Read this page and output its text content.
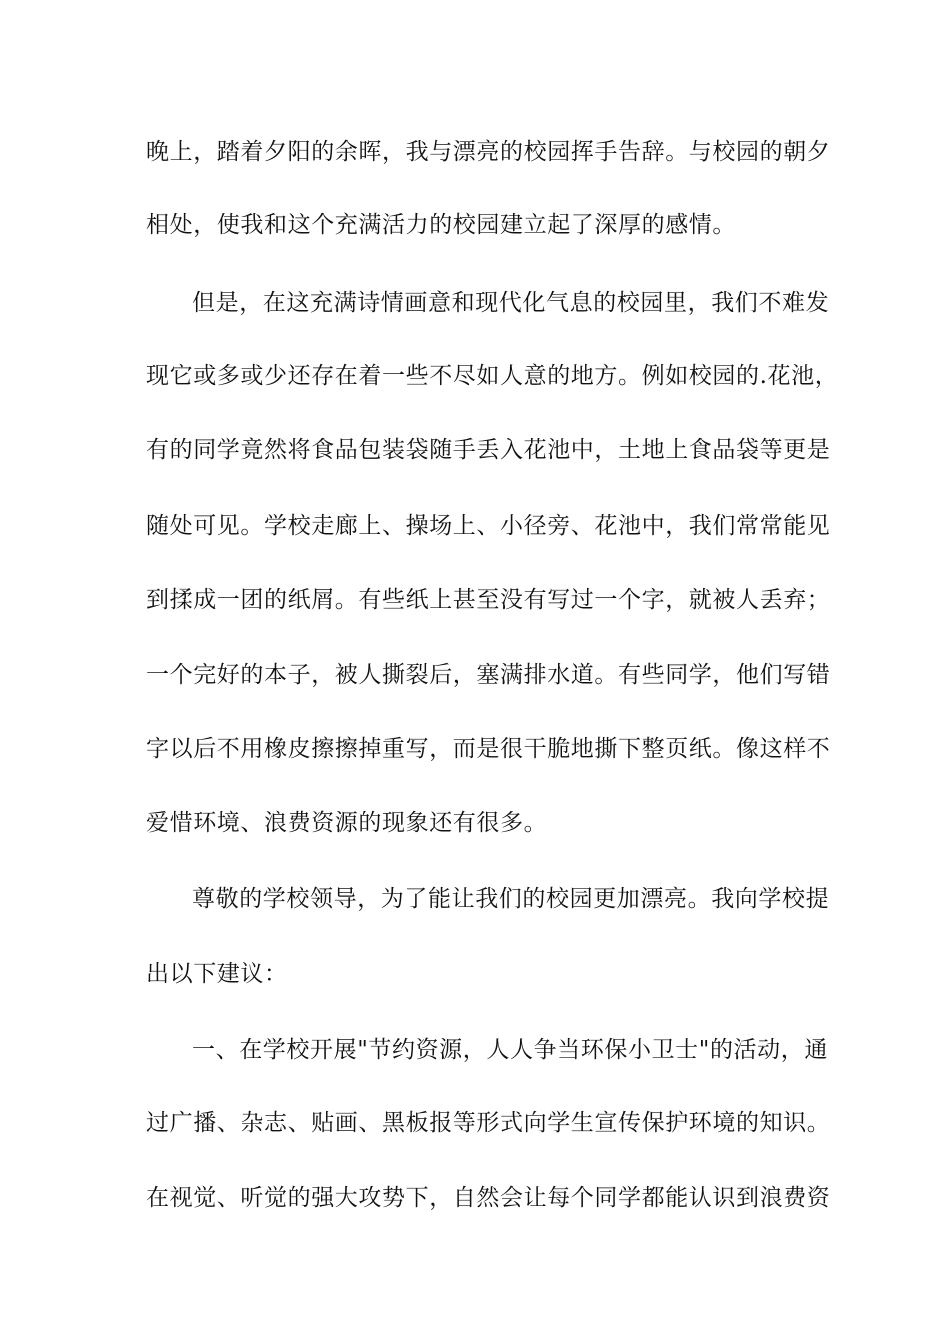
晚上，踏着夕阳的余晖，我与漂亮的校园挥手告辞。与校园的朝夕
相处，使我和这个充满活力的校园建立起了深厚的感情。
但是，在这充满诗情画意和现代化气息的校园里，我们不难发
现它或多或少还存在着一些不尽如人意的地方。例如校园的.花池，
有的同学竟然将食品包装袋随手丢入花池中，土地上食品袋等更是
随处可见。学校走廊上、操场上、小径旁、花池中，我们常常能见
到揉成一团的纸屑。有些纸上甚至没有写过一个字，就被人丢弃；
一个完好的本子，被人撕裂后，塞满排水道。有些同学，他们写错
字以后不用橡皮擦擦掉重写，而是很干脆地撕下整页纸。像这样不
爱惜环境、浪费资源的现象还有很多。
尊敬的学校领导，为了能让我们的校园更加漂亮。我向学校提
出以下建议：
一、在学校开展"节约资源，人人争当环保小卫士"的活动，通
过广播、杂志、贴画、黑板报等形式向学生宣传保护环境的知识。
在视觉、听觉的强大攻势下，自然会让每个同学都能认识到浪费资
